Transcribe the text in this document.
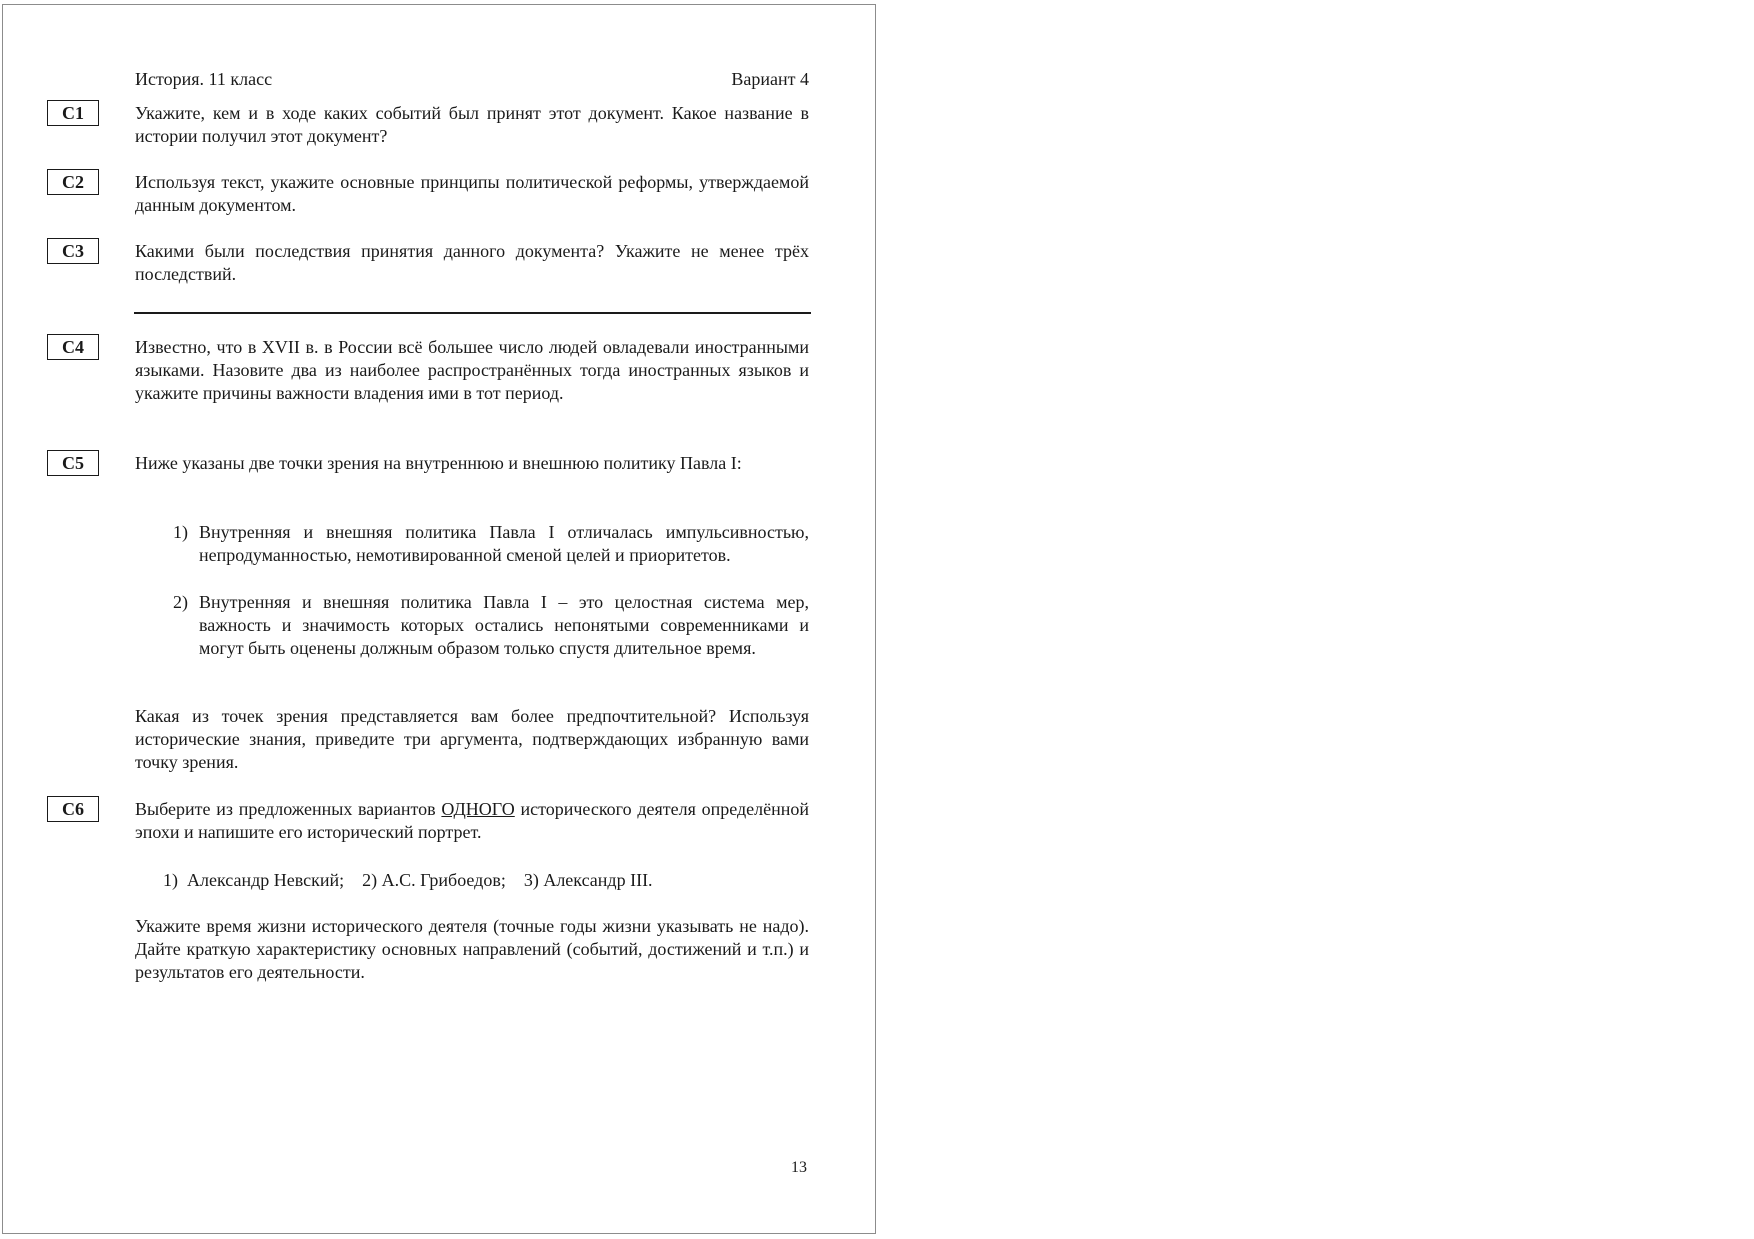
История. 11 класс	Вариант 4
С1	Укажите, кем и в ходе каких событий был принят этот документ. Какое название в истории получил этот документ?

С2	Используя текст, укажите основные принципы политической реформы, утверждаемой данным документом.

С3	Какими были последствия принятия данного документа? Укажите не менее трёх последствий.

С4	Известно, что в XVII в. в России всё большее число людей овладевали иностранными языками. Назовите два из наиболее распространённых тогда иностранных языков и укажите причины важности владения ими в тот период.

С5	Ниже указаны две точки зрения на внутреннюю и внешнюю политику Павла I:

1) Внутренняя и внешняя политика Павла I отличалась импульсивностью, непродуманностью, немотивированной сменой целей и приоритетов.
2) Внутренняя и внешняя политика Павла I – это целостная система мер, важность и значимость которых остались непонятыми современниками и могут быть оценены должным образом только спустя длительное время.

Какая из точек зрения представляется вам более предпочтительной? Используя исторические знания, приведите три аргумента, подтверждающих избранную вами точку зрения.

С6	Выберите из предложенных вариантов ОДНОГО исторического деятеля определённой эпохи и напишите его исторический портрет.

1)  Александр Невский;    2) А.С. Грибоедов;    3) Александр III.

Укажите время жизни исторического деятеля (точные годы жизни указывать не надо). Дайте краткую характеристику основных направлений (событий, достижений и т.п.) и результатов его деятельности.

13
